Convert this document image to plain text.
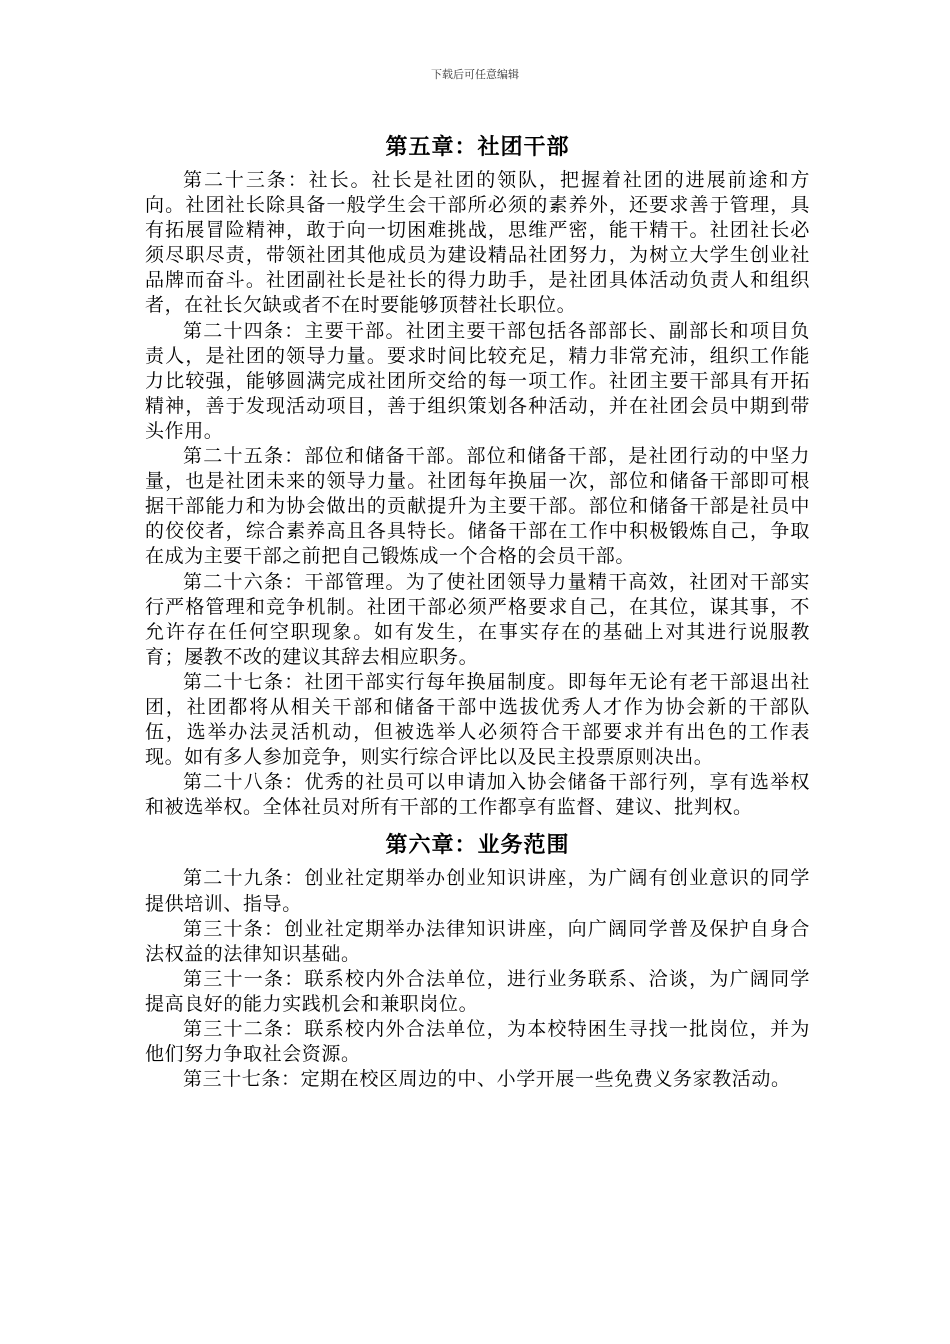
下载后可任意编辑
第五章：社团干部

第二十三条：社长。社长是社团的领队，把握着社团的进展前途和方向。社团社长除具备一般学生会干部所必须的素养外，还要求善于管理，具有拓展冒险精神，敢于向一切困难挑战，思维严密，能干精干。社团社长必须尽职尽责，带领社团其他成员为建设精品社团努力，为树立大学生创业社品牌而奋斗。社团副社长是社长的得力助手，是社团具体活动负责人和组织者，在社长欠缺或者不在时要能够顶替社长职位。

第二十四条：主要干部。社团主要干部包括各部部长、副部长和项目负责人，是社团的领导力量。要求时间比较充足，精力非常充沛，组织工作能力比较强，能够圆满完成社团所交给的每一项工作。社团主要干部具有开拓精神，善于发现活动项目，善于组织策划各种活动，并在社团会员中期到带头作用。

第二十五条：部位和储备干部。部位和储备干部，是社团行动的中坚力量，也是社团未来的领导力量。社团每年换届一次，部位和储备干部即可根据干部能力和为协会做出的贡献提升为主要干部。部位和储备干部是社员中的佼佼者，综合素养高且各具特长。储备干部在工作中积极锻炼自己，争取在成为主要干部之前把自己锻炼成一个合格的会员干部。

第二十六条：干部管理。为了使社团领导力量精干高效，社团对干部实行严格管理和竞争机制。社团干部必须严格要求自己，在其位，谋其事，不允许存在任何空职现象。如有发生，在事实存在的基础上对其进行说服教育；屡教不改的建议其辞去相应职务。

第二十七条：社团干部实行每年换届制度。即每年无论有老干部退出社团，社团都将从相关干部和储备干部中选拔优秀人才作为协会新的干部队伍，选举办法灵活机动，但被选举人必须符合干部要求并有出色的工作表现。如有多人参加竞争，则实行综合评比以及民主投票原则决出。

第二十八条：优秀的社员可以申请加入协会储备干部行列，享有选举权和被选举权。全体社员对所有干部的工作都享有监督、建议、批判权。

第六章：业务范围

第二十九条：创业社定期举办创业知识讲座，为广阔有创业意识的同学提供培训、指导。

第三十条：创业社定期举办法律知识讲座，向广阔同学普及保护自身合法权益的法律知识基础。

第三十一条：联系校内外合法单位，进行业务联系、洽谈，为广阔同学提高良好的能力实践机会和兼职岗位。

第三十二条：联系校内外合法单位，为本校特困生寻找一批岗位，并为他们努力争取社会资源。

第三十七条：定期在校区周边的中、小学开展一些免费义务家教活动。
